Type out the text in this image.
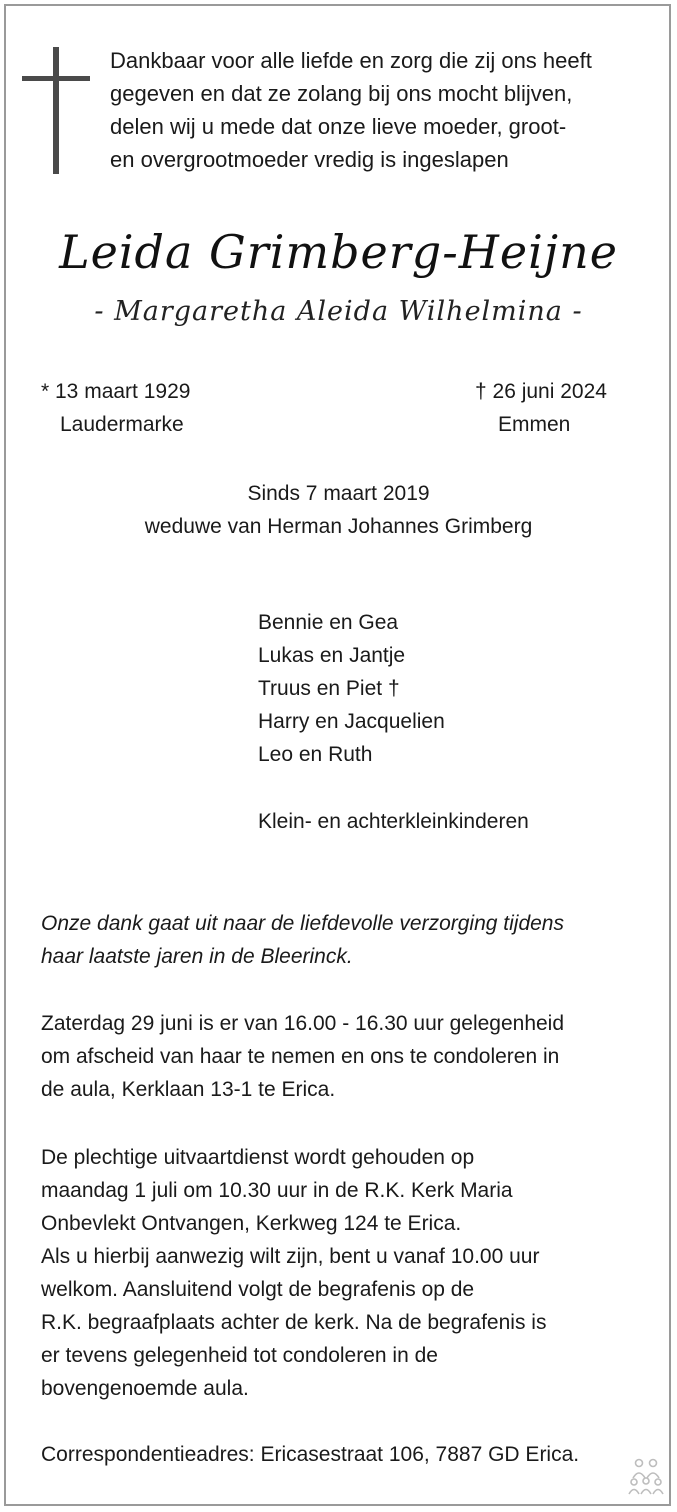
Dankbaar voor alle liefde en zorg die zij ons heeft
gegeven en dat ze zolang bij ons mocht blijven,
delen wij u mede dat onze lieve moeder, groot-
en overgrootmoeder vredig is ingeslapen
Leida Grimberg-Heijne
- Margaretha Aleida Wilhelmina -
* 13 maart 1929
Laudermarke
† 26 juni 2024
Emmen
Sinds 7 maart 2019
weduwe van Herman Johannes Grimberg
Bennie en Gea
Lukas en Jantje
Truus en Piet †
Harry en Jacquelien
Leo en Ruth
Klein- en achterkleinkinderen
Onze dank gaat uit naar de liefdevolle verzorging tijdens
haar laatste jaren in de Bleerinck.
Zaterdag 29 juni is er van 16.00 - 16.30 uur gelegenheid
om afscheid van haar te nemen en ons te condoleren in
de aula, Kerklaan 13-1 te Erica.
De plechtige uitvaartdienst wordt gehouden op
maandag 1 juli om 10.30 uur in de R.K. Kerk Maria
Onbevlekt Ontvangen, Kerkweg 124 te Erica.
Als u hierbij aanwezig wilt zijn, bent u vanaf 10.00 uur
welkom. Aansluitend volgt de begrafenis op de
R.K. begraafplaats achter de kerk. Na de begrafenis is
er tevens gelegenheid tot condoleren in de
bovengenoemde aula.
Correspondentieadres: Ericasestraat 106, 7887 GD Erica.
